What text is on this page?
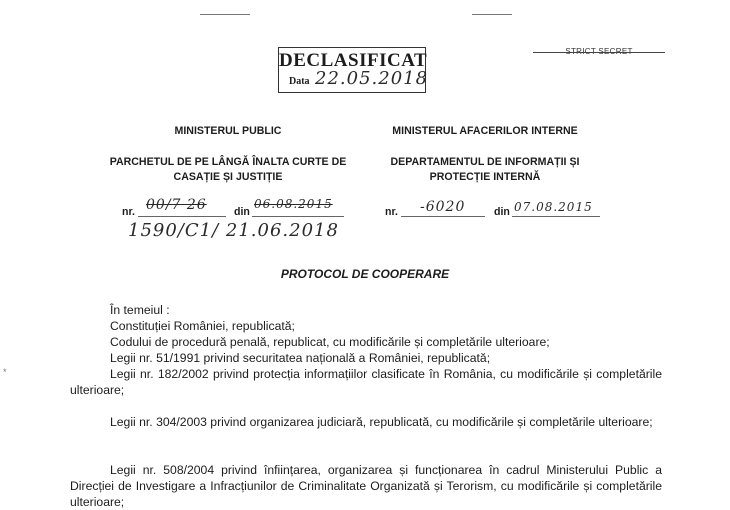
DECLASIFICAT
Data 22.05.2018
MINISTERUL PUBLIC
PARCHETUL DE PE LÂNGĂ ÎNALTA CURTE DE
CASAȚIE ȘI JUSTIȚIE
nr. 00/7 26	din
06.08.2015
1590/C1/ 21.06.2018
MINISTERUL AFACERILOR INTERNE
DEPARTAMENTUL DE INFORMAȚII ȘI
PROTECȚIE INTERNĂ
nr. -6020	din 07.08.2015
PROTOCOL DE COOPERARE
*
În temeiul :
Constituției României, republicată;
Codului de procedură penală, republicat, cu modificările și completările ulterioare;
Legii nr. 51/1991 privind securitatea națională a României, republicată;
Legii nr. 182/2002 privind protecția informațiilor clasificate în România, cu modificările și completările ulterioare;
Legii nr. 304/2003 privind organizarea judiciară, republicată, cu modificările și completările ulterioare;
Legii nr. 508/2004 privind înființarea, organizarea și funcționarea în cadrul Ministerului Public a Direcției de Investigare a Infracțiunilor de Criminalitate Organizată și Terorism, cu modificările și completările ulterioare;
